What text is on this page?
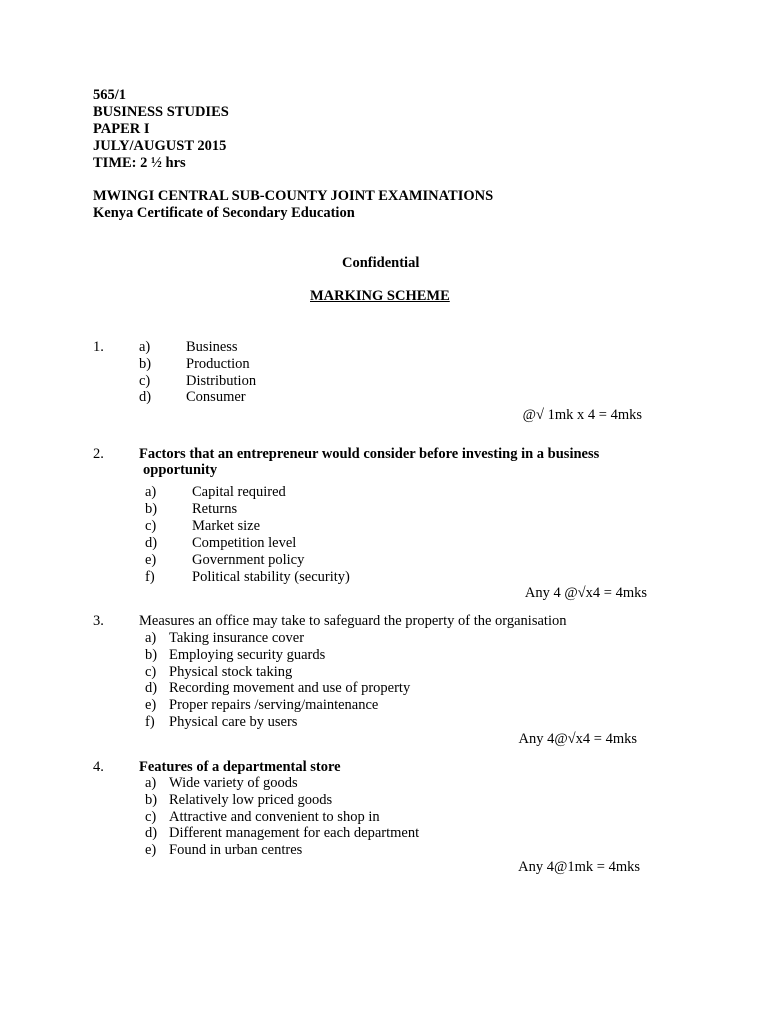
565/1
BUSINESS STUDIES
PAPER I
JULY/AUGUST 2015
TIME: 2 ½ hrs
MWINGI CENTRAL SUB-COUNTY JOINT EXAMINATIONS
Kenya Certificate of Secondary Education
Confidential
MARKING SCHEME
1. a) Business
b) Production
c) Distribution
d) Consumer
@√ 1mk x 4 = 4mks
2. Factors that an entrepreneur would consider before investing in a business
opportunity
a) Capital required
b) Returns
c) Market size
d) Competition level
e) Government policy
f)	Political stability (security)
Any 4 @√x4 = 4mks
3. Measures an office may take to safeguard the property of the organisation
a) Taking insurance cover
b) Employing security guards
c) Physical stock taking
d) Recording movement and use of property
e) Proper repairs /serving/maintenance
f) Physical care by users
Any 4@√x4 = 4mks
4. Features of a departmental store
a) Wide variety of goods
b) Relatively low priced goods
c) Attractive and convenient to shop in
d) Different management for each department
e) Found in urban centres
Any 4@1mk = 4mks
